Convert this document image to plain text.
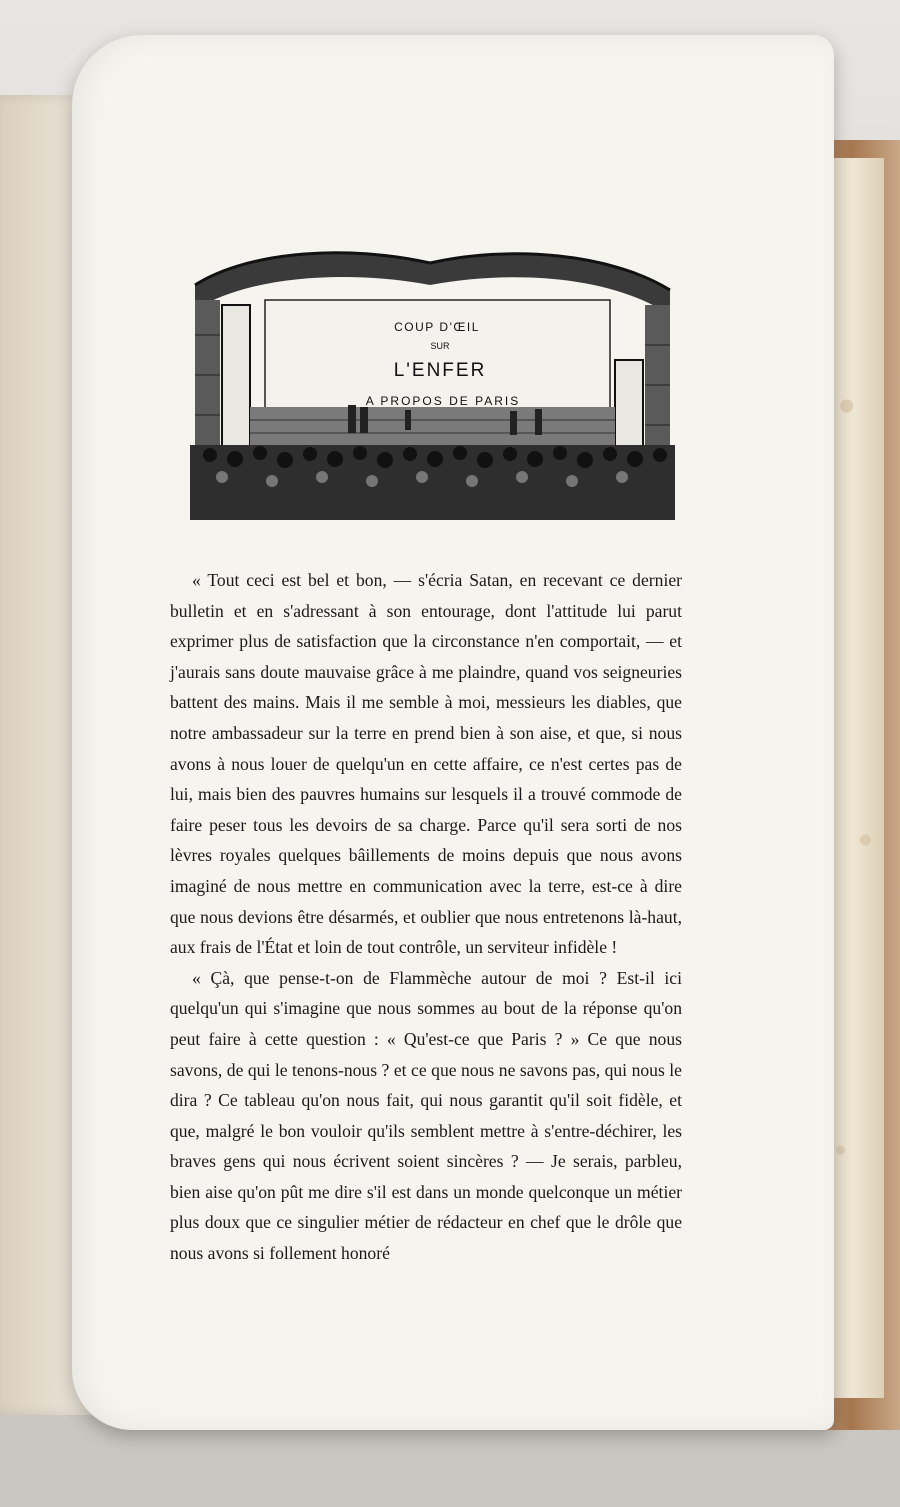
COUP D'ŒIL
SUR
L'ENFER
A PROPOS DE PARIS

« Tout ceci est bel et bon, — s'écria Satan, en recevant ce dernier bulletin et en s'adressant à son entourage, dont l'attitude lui parut exprimer plus de satisfaction que la circonstance n'en comportait, — et j'aurais sans doute mauvaise grâce à me plaindre, quand vos seigneuries battent des mains. Mais il me semble à moi, messieurs les diables, que notre ambassadeur sur la terre en prend bien à son aise, et que, si nous avons à nous louer de quelqu'un en cette affaire, ce n'est certes pas de lui, mais bien des pauvres humains sur lesquels il a trouvé commode de faire peser tous les devoirs de sa charge. Parce qu'il sera sorti de nos lèvres royales quelques bâillements de moins depuis que nous avons imaginé de nous mettre en communication avec la terre, est-ce à dire que nous devions être désarmés, et oublier que nous entretenons là-haut, aux frais de l'État et loin de tout contrôle, un serviteur infidèle !

« Çà, que pense-t-on de Flammèche autour de moi ? Est-il ici quelqu'un qui s'imagine que nous sommes au bout de la réponse qu'on peut faire à cette question : « Qu'est-ce que Paris ? » Ce que nous savons, de qui le tenons-nous ? et ce que nous ne savons pas, qui nous le dira ? Ce tableau qu'on nous fait, qui nous garantit qu'il soit fidèle, et que, malgré le bon vouloir qu'ils semblent mettre à s'entre-déchirer, les braves gens qui nous écrivent soient sincères ? — Je serais, parbleu, bien aise qu'on pût me dire s'il est dans un monde quelconque un métier plus doux que ce singulier métier de rédacteur en chef que le drôle que nous avons si follement honoré
